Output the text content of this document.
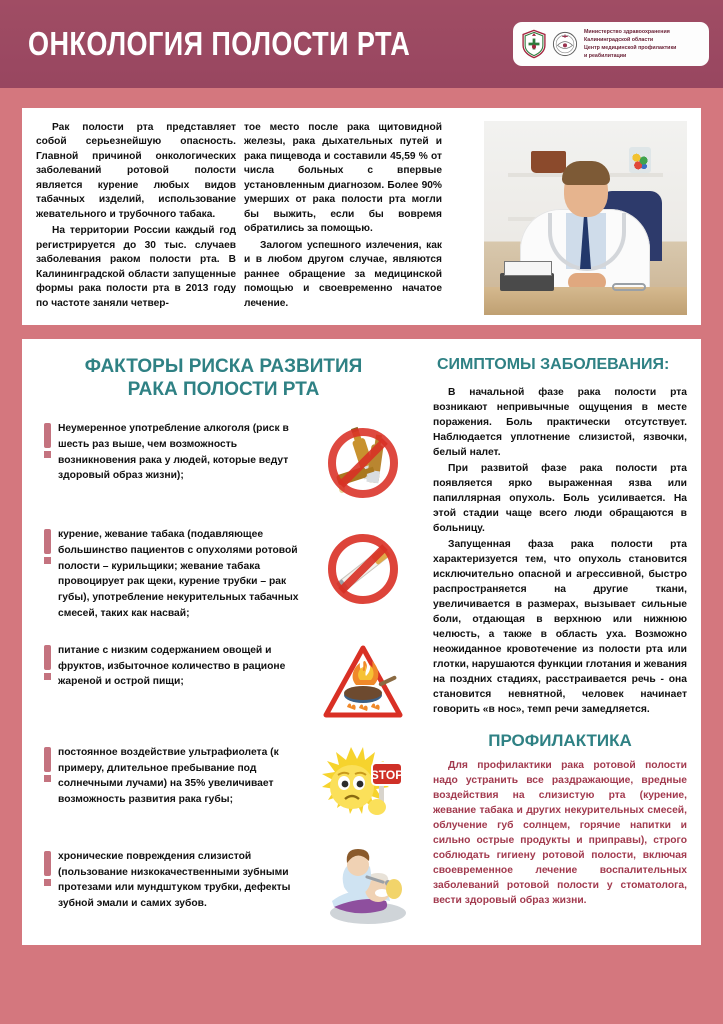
ОНКОЛОГИЯ ПОЛОСТИ РТА	Министерство здравоохранения
Калининградской области
Центр медицинской профилактики
и реабилитации

Рак полости рта представляет собой серьезнейшую опасность. Главной причиной онкологических заболеваний ротовой полости является курение любых видов табачных изделий, использование жевательного и трубочного табака.

На территории России каждый год регистрируется до 30 тыс. случаев заболевания раком полости рта. В Калининградской области запущенные формы рака полости рта в 2013 году по частоте заняли четвер-

тое место после рака щитовидной железы, рака дыхательных путей и рака пищевода и составили 45,59 % от числа больных с впервые установленным диагнозом. Более 90% умерших от рака полости рта могли бы выжить, если бы вовремя обратились за помощью.

Залогом успешного излечения, как и в любом другом случае, являются раннее обращение за медицинской помощью и своевременно начатое лечение.

ФАКТОРЫ РИСКА РАЗВИТИЯ
РАКА ПОЛОСТИ РТА
Неумеренное употребление алкоголя (риск в шесть раз выше, чем возможность возникновения рака у людей, которые ведут здоровый образ жизни);
курение, жевание табака (подавляющее большинство пациентов с опухолями ротовой полости – курильщики; жевание табака провоцирует рак щеки, курение трубки – рак губы), употребление некурительных табачных смесей, таких как насвай;
питание с низким содержанием овощей и фруктов, избыточное количество в рационе жареной и острой пищи;
постоянное воздействие ультрафиолета (к примеру, длительное пребывание под солнечными лучами) на 35% увеличивает возможность развития рака губы;
STOP
хронические повреждения слизистой (пользование низкокачественными зубными протезами или мундштуком трубки, дефекты зубной эмали и самих зубов.
СИМПТОМЫ ЗАБОЛЕВАНИЯ:

В начальной фазе рака полости рта возникают непривычные ощущения в месте поражения. Боль практически отсутствует. Наблюдается уплотнение слизистой, язвочки, белый налет.

При развитой фазе рака полости рта появляется ярко выраженная язва или папиллярная опухоль. Боль усиливается. На этой стадии чаще всего люди обращаются в больницу.

Запущенная фаза рака полости рта характеризуется тем, что опухоль становится исключительно опасной и агрессивной, быстро распространяется на другие ткани, увеличивается в размерах, вызывает сильные боли, отдающая в верхнюю или нижнюю челюсть, а также в область уха. Возможно неожиданное кровотечение из полости рта или глотки, нарушаются функции глотания и жевания на поздних стадиях, расстраивается речь - она становится невнятной, человек начинает говорить «в нос», темп речи замедляется.

ПРОФИЛАКТИКА

Для профилактики рака ротовой полости надо устранить все раздражающие, вредные воздействия на слизистую рта (курение, жевание табака и других некурительных смесей, облучение губ солнцем, горячие напитки и сильно острые продукты и приправы), строго соблюдать гигиену ротовой полости, включая своевременное лечение воспалительных заболеваний ротовой полости у стоматолога, вести здоровый образ жизни.
